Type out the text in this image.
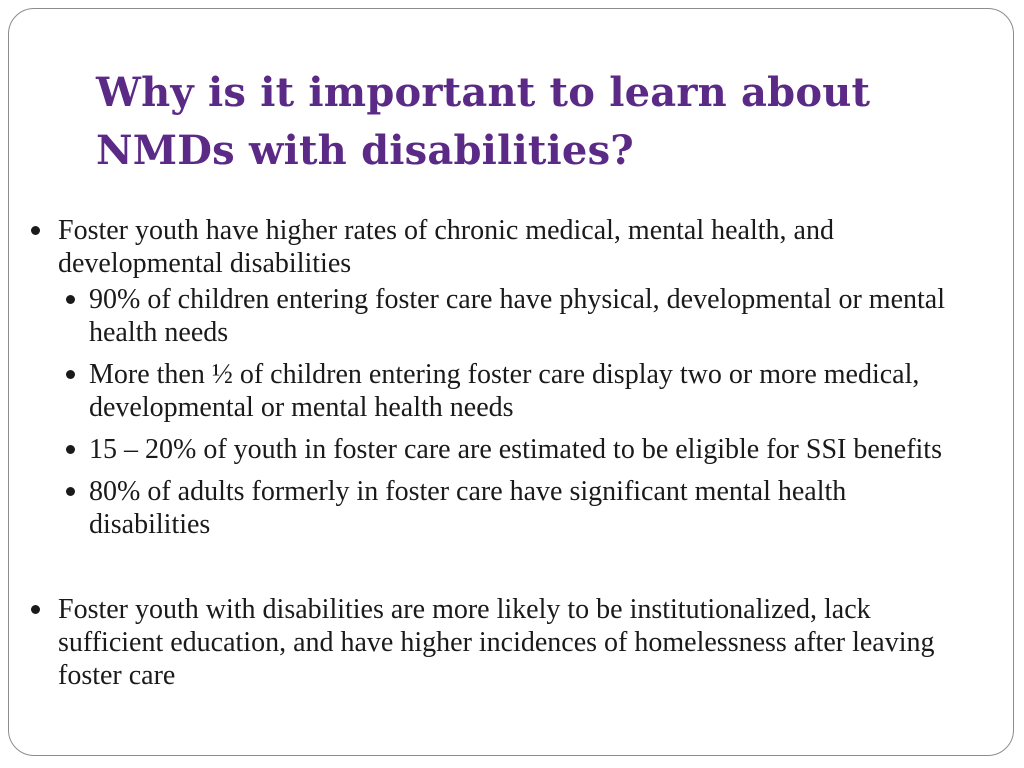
Why is it important to learn about NMDs with disabilities?
Foster youth have higher rates of chronic medical, mental health, and developmental disabilities
90% of children entering foster care have physical, developmental or mental health needs
More then ½ of children entering foster care display two or more medical, developmental or mental health needs
15 – 20% of youth in foster care are estimated to be eligible for SSI benefits
80% of adults formerly in foster care have significant mental health disabilities
Foster youth with disabilities are more likely to be institutionalized, lack sufficient education, and have higher incidences of homelessness after leaving foster care
